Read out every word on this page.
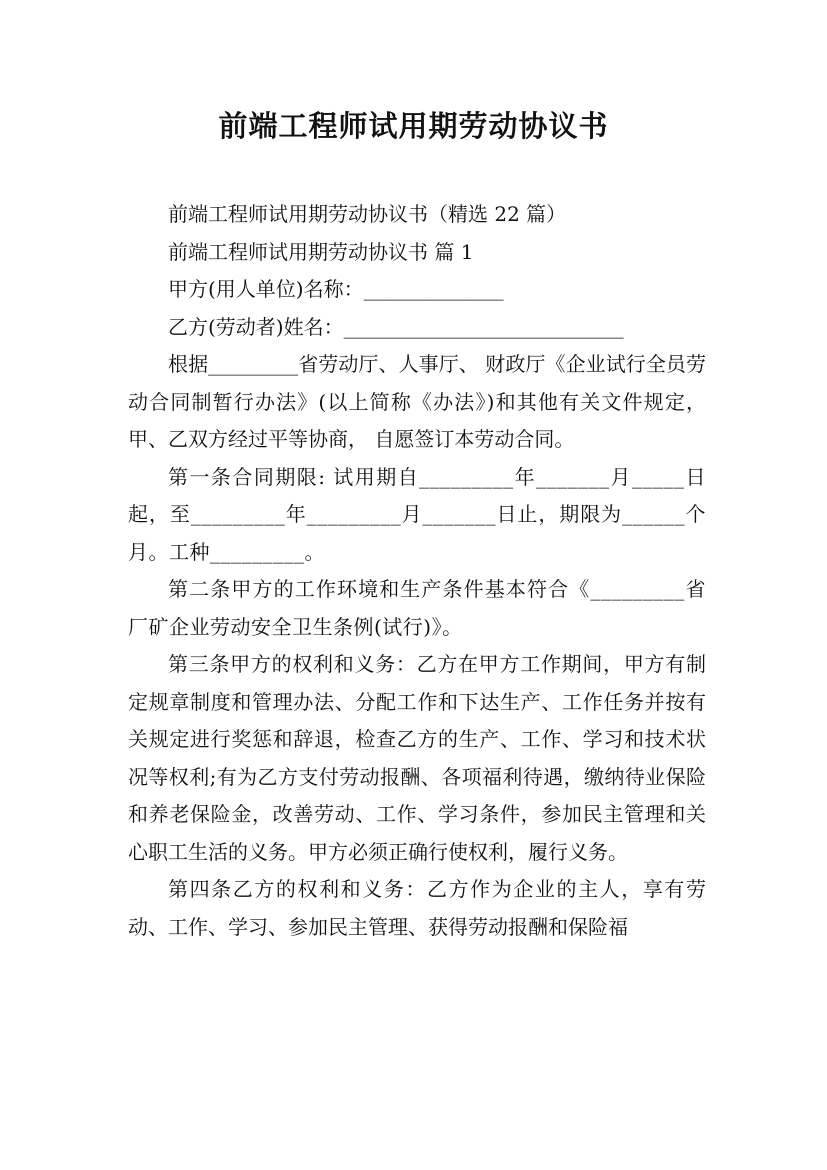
前端工程师试用期劳动协议书

前端工程师试用期劳动协议书（精选 22 篇）

前端工程师试用期劳动协议书 篇 1

甲方(用人单位)名称：______________

乙方(劳动者)姓名：____________________________

根据_________省劳动厅、人事厅、 财政厅《企业试行全员劳动合同制暂行办法》(以上简称《办法》)和其他有关文件规定，甲、乙双方经过平等协商， 自愿签订本劳动合同。

第一条合同期限: 试用期自_________年_______月_____日起，至_________年_________月_______日止，期限为______个月。工种_________。

第二条甲方的工作环境和生产条件基本符合《_________省厂矿企业劳动安全卫生条例(试行)》。

第三条甲方的权利和义务：乙方在甲方工作期间，甲方有制定规章制度和管理办法、分配工作和下达生产、工作任务并按有关规定进行奖惩和辞退，检查乙方的生产、工作、学习和技术状况等权利;有为乙方支付劳动报酬、各项福利待遇，缴纳待业保险和养老保险金，改善劳动、工作、学习条件，参加民主管理和关心职工生活的义务。甲方必须正确行使权利，履行义务。

第四条乙方的权利和义务：乙方作为企业的主人，享有劳动、工作、学习、参加民主管理、获得劳动报酬和保险福
